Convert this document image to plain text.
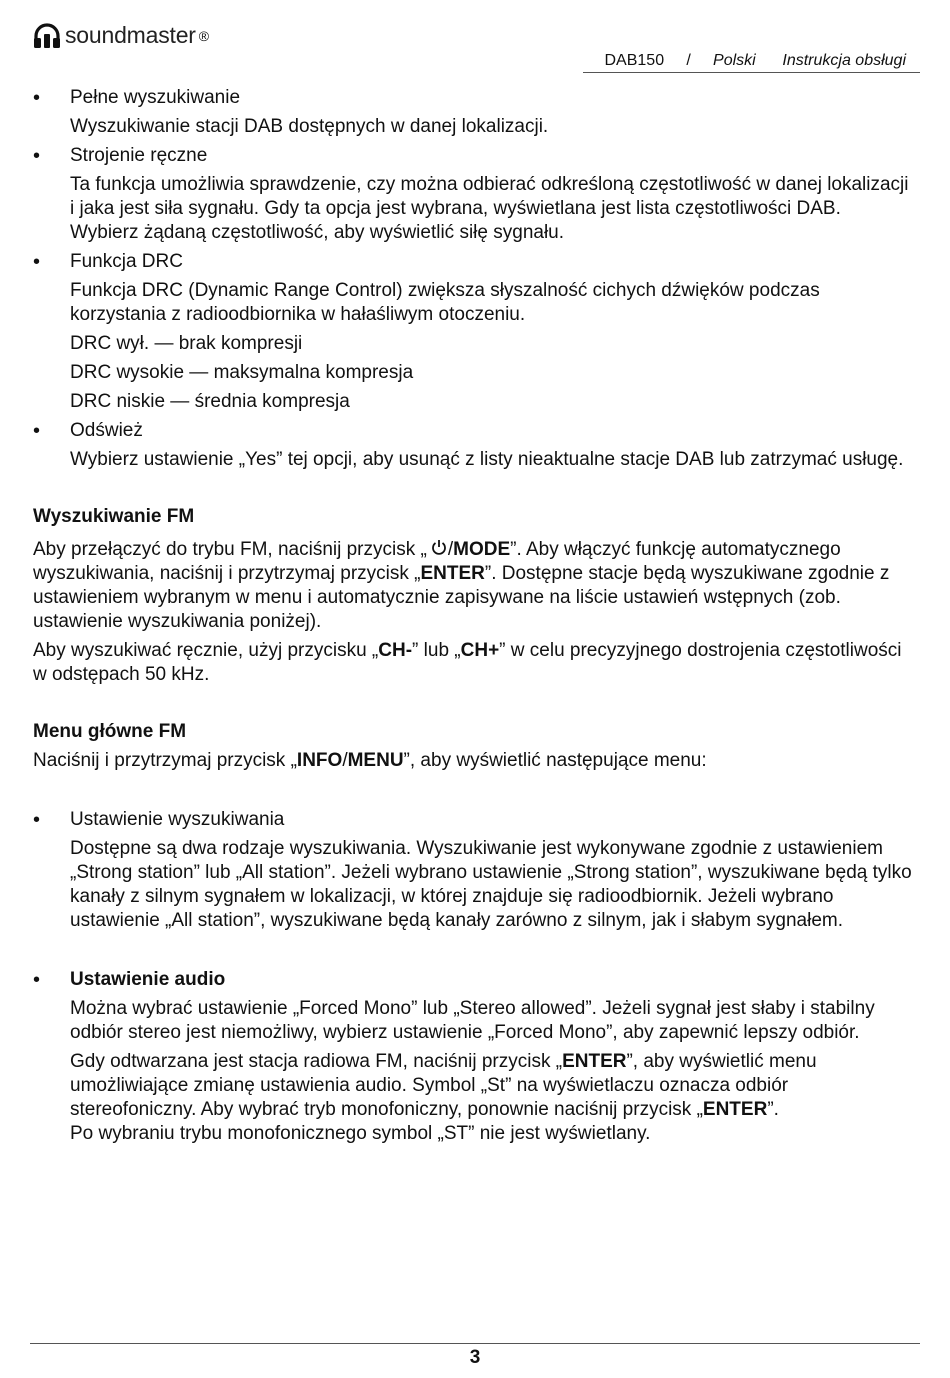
soundmaster ®
DAB150 / Polski Instrukcja obsługi
• Pełne wyszukiwanie

Wyszukiwanie stacji DAB dostępnych w danej lokalizacji.

• Strojenie ręczne

Ta funkcja umożliwia sprawdzenie, czy można odbierać odkreśloną częstotliwość w danej lokalizacji i jaka jest siła sygnału. Gdy ta opcja jest wybrana, wyświetlana jest lista częstotliwości DAB. Wybierz żądaną częstotliwość, aby wyświetlić siłę sygnału.

• Funkcja DRC

Funkcja DRC (Dynamic Range Control) zwiększa słyszalność cichych dźwięków podczas korzystania z radioodbiornika w hałaśliwym otoczeniu.

DRC wył. — brak kompresji

DRC wysokie — maksymalna kompresja

DRC niskie — średnia kompresja

• Odśwież

Wybierz ustawienie „Yes” tej opcji, aby usunąć z listy nieaktualne stacje DAB lub zatrzymać usługę.

Wyszukiwanie FM

Aby przełączyć do trybu FM, naciśnij przycisk „ /MODE”. Aby włączyć funkcję automatycznego wyszukiwania, naciśnij i przytrzymaj przycisk „ENTER”. Dostępne stacje będą wyszukiwane zgodnie z ustawieniem wybranym w menu i automatycznie zapisywane na liście ustawień wstępnych (zob. ustawienie wyszukiwania poniżej).

Aby wyszukiwać ręcznie, użyj przycisku „CH-” lub „CH+” w celu precyzyjnego dostrojenia częstotliwości w odstępach 50 kHz.

Menu główne FM

Naciśnij i przytrzymaj przycisk „INFO/MENU”, aby wyświetlić następujące menu:

• Ustawienie wyszukiwania

Dostępne są dwa rodzaje wyszukiwania. Wyszukiwanie jest wykonywane zgodnie z ustawieniem „Strong station” lub „All station”. Jeżeli wybrano ustawienie „Strong station”, wyszukiwane będą tylko kanały z silnym sygnałem w lokalizacji, w której znajduje się radioodbiornik. Jeżeli wybrano ustawienie „All station”, wyszukiwane będą kanały zarówno z silnym, jak i słabym sygnałem.

• Ustawienie audio

Można wybrać ustawienie „Forced Mono” lub „Stereo allowed”. Jeżeli sygnał jest słaby i stabilny odbiór stereo jest niemożliwy, wybierz ustawienie „Forced Mono”, aby zapewnić lepszy odbiór.

Gdy odtwarzana jest stacja radiowa FM, naciśnij przycisk „ENTER”, aby wyświetlić menu umożliwiające zmianę ustawienia audio. Symbol „St” na wyświetlaczu oznacza odbiór stereofoniczny. Aby wybrać tryb monofoniczny, ponownie naciśnij przycisk „ENTER”.
Po wybraniu trybu monofonicznego symbol „ST” nie jest wyświetlany.

3
